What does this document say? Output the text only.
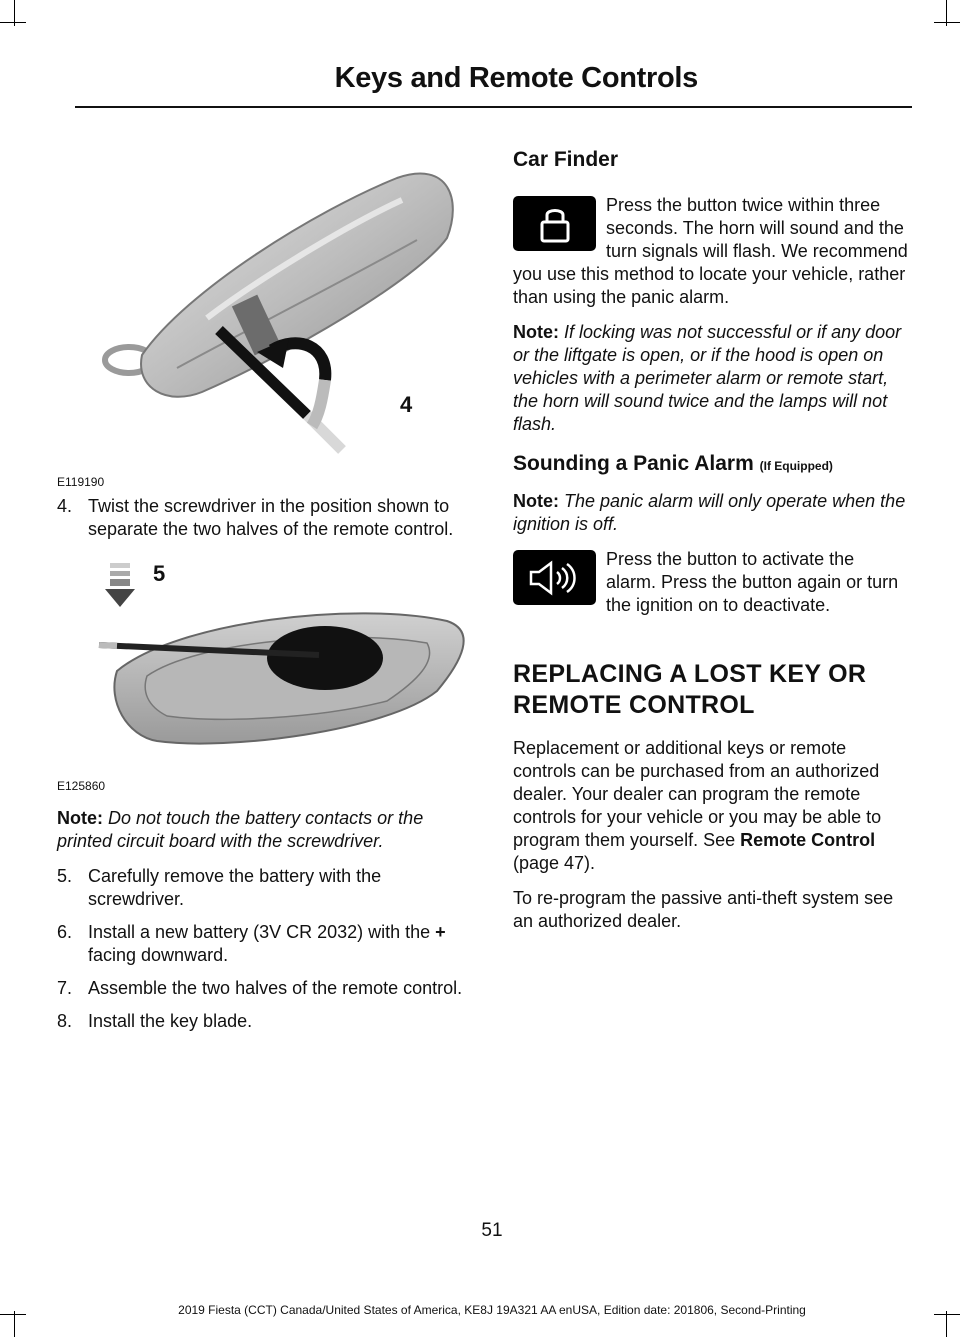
Keys and Remote Controls
4
E119190
4. Twist the screwdriver in the position shown to separate the two halves of the remote control.
5
E125860

Note: Do not touch the battery contacts or the printed circuit board with the screwdriver.

5. Carefully remove the battery with the screwdriver.
6. Install a new battery (3V CR 2032) with the + facing downward.
7. Assemble the two halves of the remote control.
8. Install the key blade.
Car Finder

Press the button twice within three seconds. The horn will sound and the turn signals will flash. We recommend you use this method to locate your vehicle, rather than using the panic alarm.

Note: If locking was not successful or if any door or the liftgate is open, or if the hood is open on vehicles with a perimeter alarm or remote start, the horn will sound twice and the lamps will not flash.

Sounding a Panic Alarm (If Equipped)

Note: The panic alarm will only operate when the ignition is off.

Press the button to activate the alarm. Press the button again or turn the ignition on to deactivate.

REPLACING A LOST KEY OR
REMOTE CONTROL

Replacement or additional keys or remote controls can be purchased from an authorized dealer. Your dealer can program the remote controls for your vehicle or you may be able to program them yourself. See Remote Control (page 47).

To re-program the passive anti-theft system see an authorized dealer.

51
2019 Fiesta (CCT) Canada/United States of America, KE8J 19A321 AA enUSA, Edition date: 201806, Second-Printing
